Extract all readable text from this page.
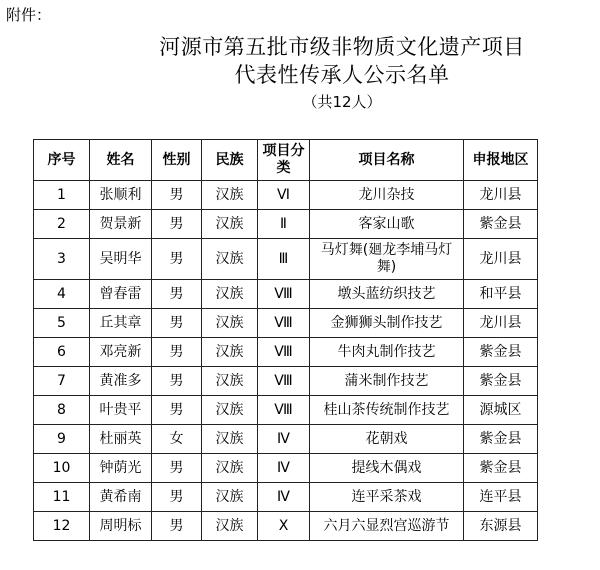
附件：
河源市第五批市级非物质文化遗产项目
代表性传承人公示名单
（共12人）
序号	姓名	性别	民族	项目分类	项目名称	申报地区
1	张顺利	男	汉族	Ⅵ	龙川杂技	龙川县
2	贺景新	男	汉族	Ⅱ	客家山歌	紫金县
3	吴明华	男	汉族	Ⅲ	马灯舞(廻龙李埔马灯舞)	龙川县
4	曾春雷	男	汉族	Ⅷ	墩头蓝纺织技艺	和平县
5	丘其章	男	汉族	Ⅷ	金狮狮头制作技艺	龙川县
6	邓亮新	男	汉族	Ⅷ	牛肉丸制作技艺	紫金县
7	黄准多	男	汉族	Ⅷ	蒲米制作技艺	紫金县
8	叶贵平	男	汉族	Ⅷ	桂山茶传统制作技艺	源城区
9	杜丽英	女	汉族	Ⅳ	花朝戏	紫金县
10	钟荫光	男	汉族	Ⅳ	提线木偶戏	紫金县
11	黄希南	男	汉族	Ⅳ	连平采茶戏	连平县
12	周明标	男	汉族	Ⅹ	六月六显烈宫巡游节	东源县
